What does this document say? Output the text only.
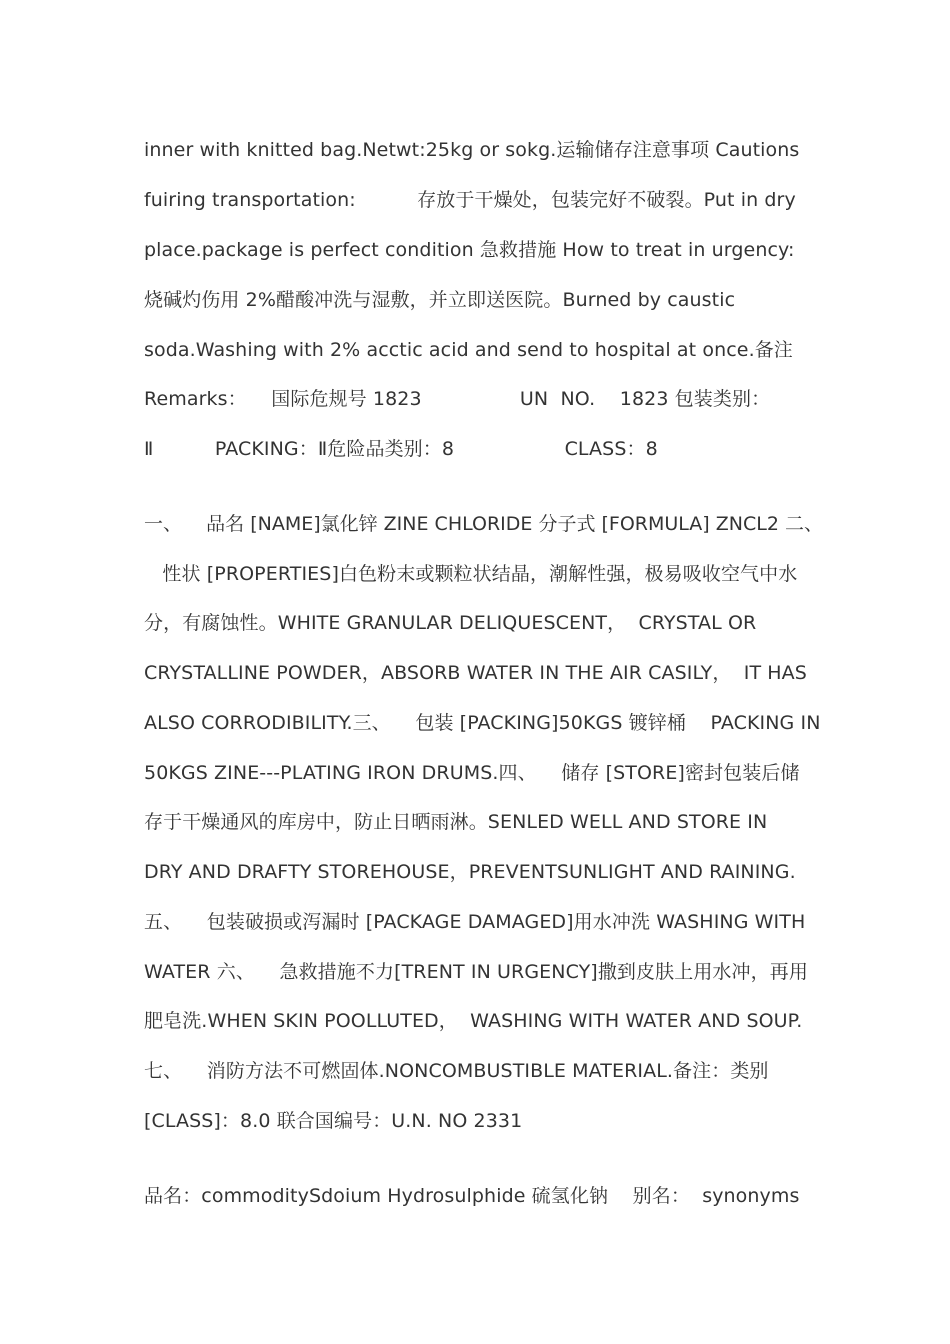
inner with knitted bag.Netwt:25kg or sokg.运输储存注意事项 Cautions
fuiring transportation:          存放于干燥处，包装完好不破裂。Put in dry
place.package is perfect condition 急救措施 How to treat in urgency:
烧碱灼伤用 2%醋酸冲洗与湿敷，并立即送医院。Burned by caustic
soda.Washing with 2% acctic acid and send to hospital at once.备注
Remarks：    国际危规号 1823                UN  NO.    1823 包装类别：
Ⅱ          PACKING：Ⅱ危险品类别：8                  CLASS：8
一、    品名 [NAME]氯化锌 ZINE CHLORIDE 分子式 [FORMULA] ZNCL2 二、
性状 [PROPERTIES]白色粉末或颗粒状结晶，潮解性强，极易吸收空气中水
分，有腐蚀性。WHITE GRANULAR DELIQUESCENT，  CRYSTAL OR
CRYSTALLINE POWDER，ABSORB WATER IN THE AIR CASILY，  IT HAS
ALSO CORRODIBILITY.三、    包装 [PACKING]50KGS 镀锌桶    PACKING IN
50KGS ZINE---PLATING IRON DRUMS.四、    储存 [STORE]密封包装后储
存于干燥通风的库房中，防止日晒雨淋。SENLED WELL AND STORE IN
DRY AND DRAFTY STOREHOUSE，PREVENTSUNLIGHT AND RAINING.
五、    包装破损或泻漏时 [PACKAGE DAMAGED]用水冲洗 WASHING WITH
WATER 六、    急救措施不力[TRENT IN URGENCY]撒到皮肤上用水冲，再用
肥皂洗.WHEN SKIN POOLLUTED，  WASHING WITH WATER AND SOUP.
七、    消防方法不可燃固体.NONCOMBUSTIBLE MATERIAL.备注：类别
[CLASS]：8.0 联合国编号：U.N. NO 2331
品名：commoditySdoium Hydrosulphide 硫氢化钠    别名：  synonyms
